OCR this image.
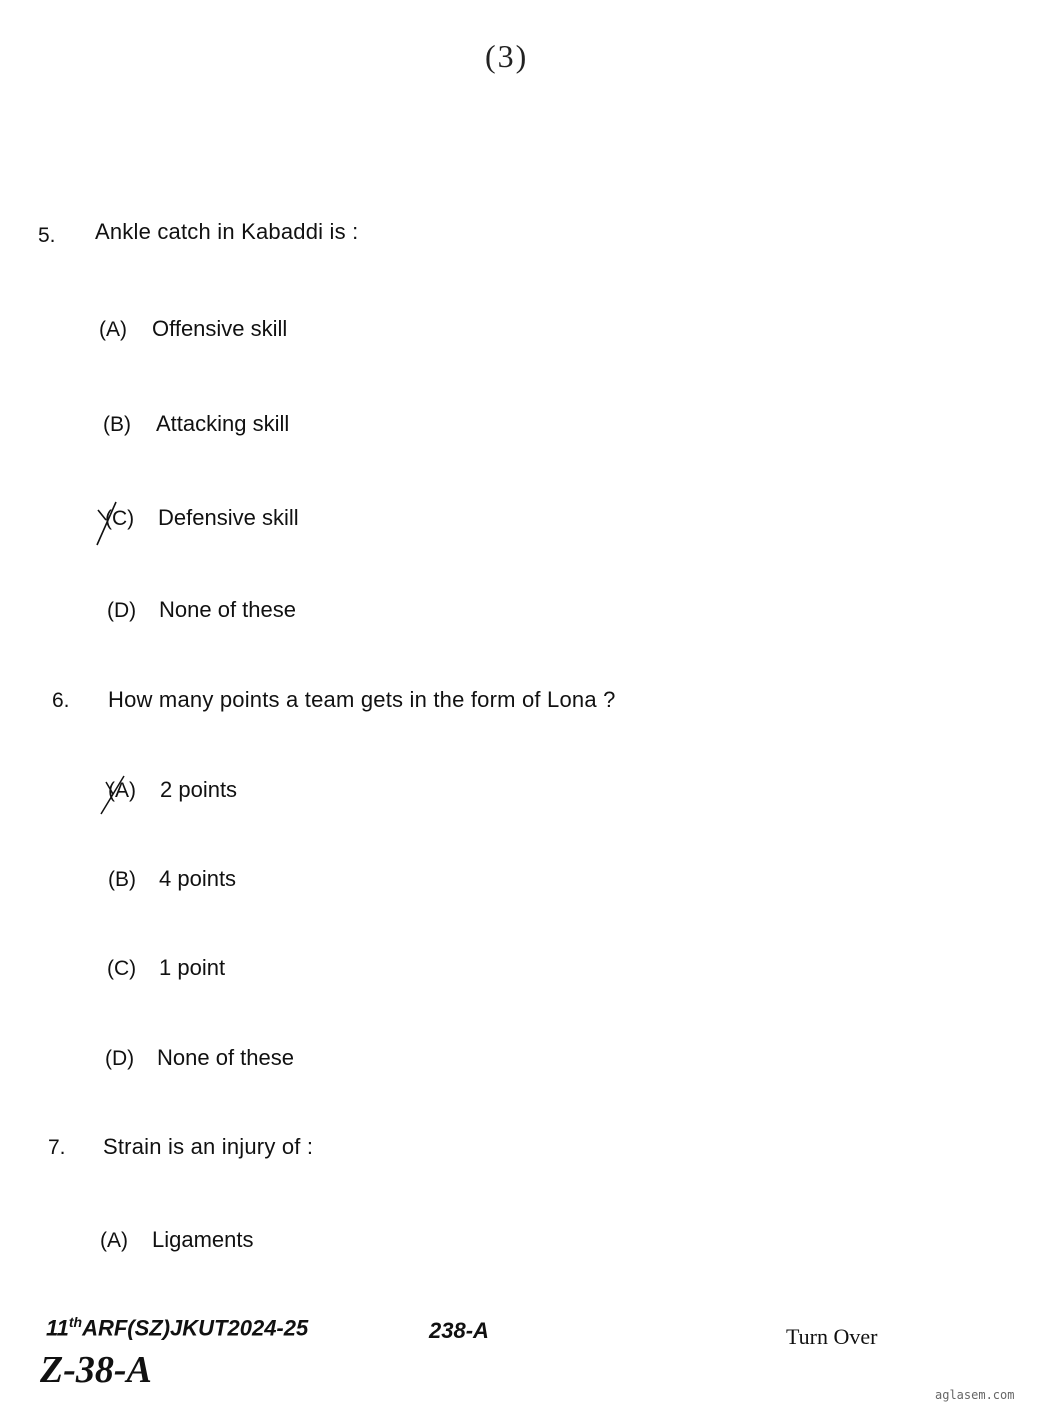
(3)
5. Ankle catch in Kabaddi is :
(A) Offensive skill
(B) Attacking skill
(C) Defensive skill
(D) None of these
6. How many points a team gets in the form of Lona ?
(A) 2 points
(B) 4 points
(C) 1 point
(D) None of these
7. Strain is an injury of :
(A) Ligaments
11thARF(SZ)JKUT2024-25	238-A	Turn Over
Z-38-A
aglasem.com
